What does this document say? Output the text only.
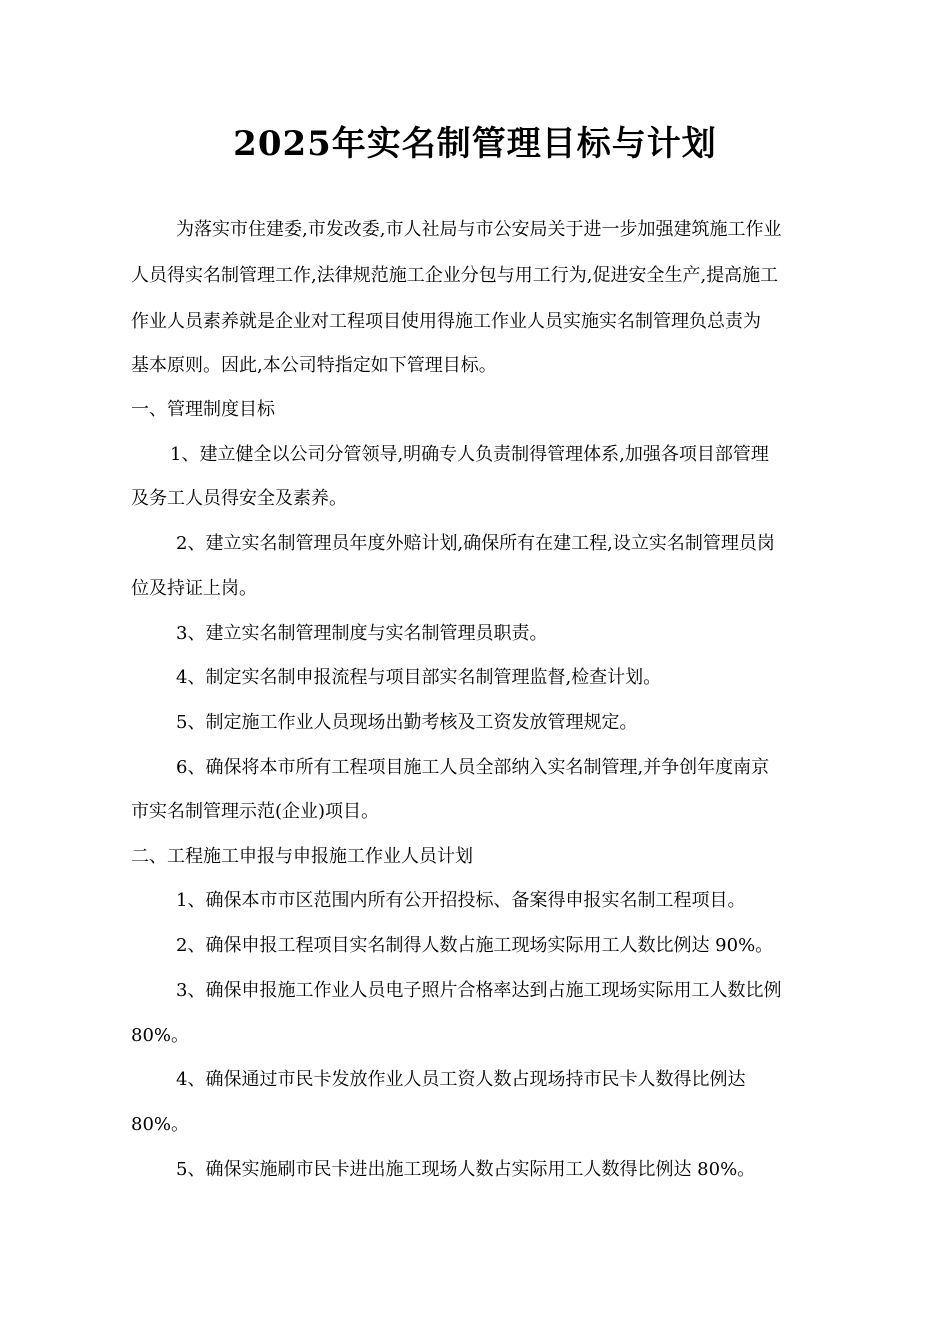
2025年实名制管理目标与计划
为落实市住建委,市发改委,市人社局与市公安局关于进一步加强建筑施工作业
人员得实名制管理工作,法律规范施工企业分包与用工行为,促进安全生产,提高施工
作业人员素养就是企业对工程项目使用得施工作业人员实施实名制管理负总责为
基本原则。因此,本公司特指定如下管理目标。
一、管理制度目标
1、建立健全以公司分管领导,明确专人负责制得管理体系,加强各项目部管理
及务工人员得安全及素养。
2、建立实名制管理员年度外赔计划,确保所有在建工程,设立实名制管理员岗
位及持证上岗。
3、建立实名制管理制度与实名制管理员职责。
4、制定实名制申报流程与项目部实名制管理监督,检查计划。
5、制定施工作业人员现场出勤考核及工资发放管理规定。
6、确保将本市所有工程项目施工人员全部纳入实名制管理,并争创年度南京
市实名制管理示范(企业)项目。
二、工程施工申报与申报施工作业人员计划
1、确保本市市区范围内所有公开招投标、备案得申报实名制工程项目。
2、确保申报工程项目实名制得人数占施工现场实际用工人数比例达 90%。
3、确保申报施工作业人员电子照片合格率达到占施工现场实际用工人数比例
80%。
4、确保通过市民卡发放作业人员工资人数占现场持市民卡人数得比例达
80%。
5、确保实施刷市民卡进出施工现场人数占实际用工人数得比例达 80%。
